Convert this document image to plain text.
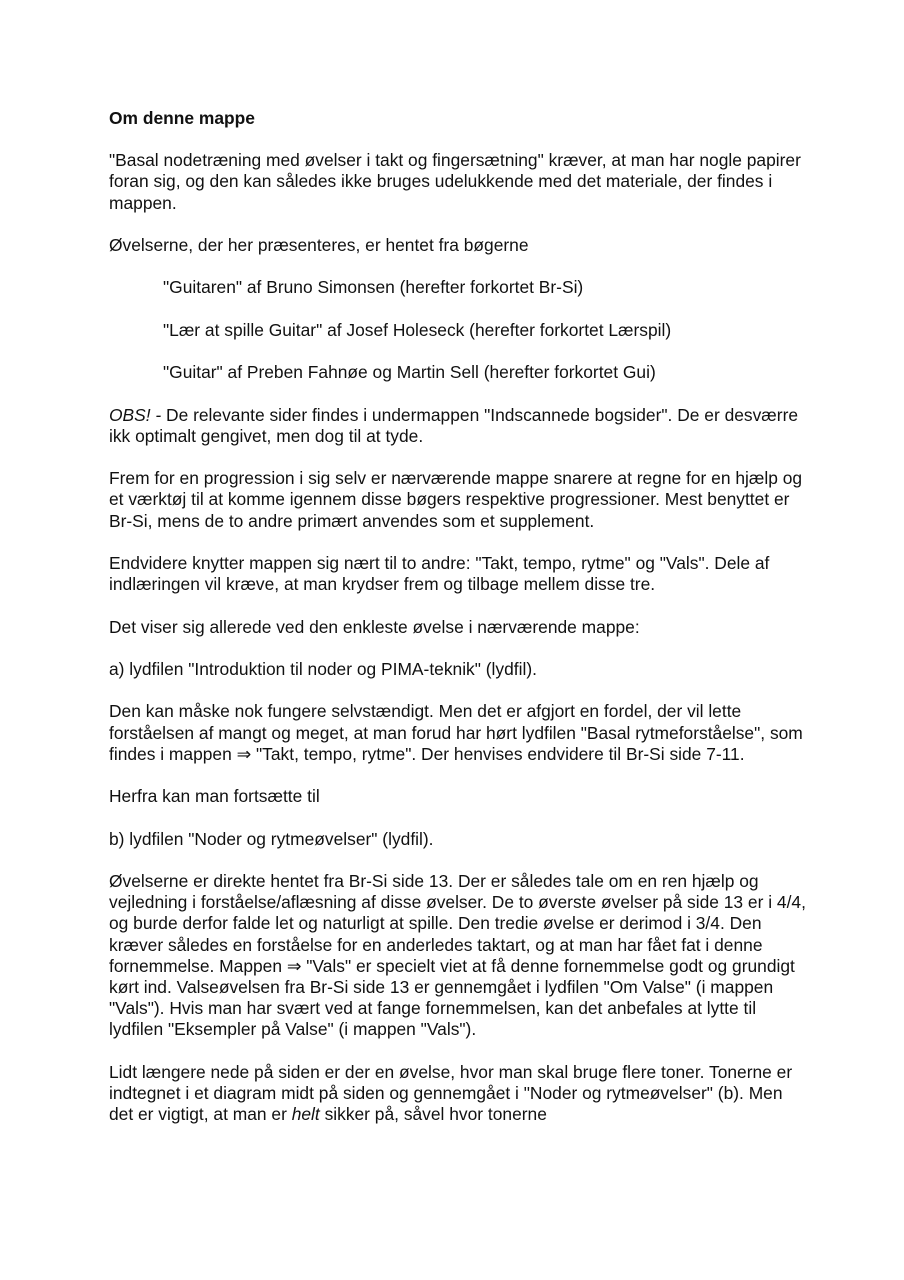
Om denne mappe

"Basal nodetræning med øvelser i takt og fingersætning" kræver, at man har nogle papirer foran sig, og den kan således ikke bruges udelukkende med det materiale, der findes i mappen.

Øvelserne, der her præsenteres, er hentet fra bøgerne

"Guitaren" af Bruno Simonsen (herefter forkortet Br-Si)

"Lær at spille Guitar" af Josef Holeseck (herefter forkortet Lærspil)

"Guitar" af Preben Fahnøe og Martin Sell (herefter forkortet Gui)

OBS! - De relevante sider findes i undermappen "Indscannede bogsider". De er desværre ikk optimalt gengivet, men dog til at tyde.

Frem for en progression i sig selv er nærværende mappe snarere at regne for en hjælp og et værktøj til at komme igennem disse bøgers respektive progressioner. Mest benyttet er Br-Si, mens de to andre primært anvendes som et supplement.

Endvidere knytter mappen sig nært til to andre: "Takt, tempo, rytme" og "Vals". Dele af indlæringen vil kræve, at man krydser frem og tilbage mellem disse tre.

Det viser sig allerede ved den enkleste øvelse i nærværende mappe:

a) lydfilen "Introduktion til noder og PIMA-teknik" (lydfil).

Den kan måske nok fungere selvstændigt. Men det er afgjort en fordel, der vil lette forståelsen af mangt og meget, at man forud har hørt lydfilen "Basal rytmeforståelse", som findes i mappen ⇒ "Takt, tempo, rytme". Der henvises endvidere til Br-Si side 7-11.

Herfra kan man fortsætte til

b) lydfilen "Noder og rytmeøvelser" (lydfil).

Øvelserne er direkte hentet fra Br-Si side 13. Der er således tale om en ren hjælp og vejledning i forståelse/aflæsning af disse øvelser. De to øverste øvelser på side 13 er i 4/4, og burde derfor falde let og naturligt at spille. Den tredie øvelse er derimod i 3/4. Den kræver således en forståelse for en anderledes taktart, og at man har fået fat i denne fornemmelse. Mappen ⇒ "Vals" er specielt viet at få denne fornemmelse godt og grundigt kørt ind. Valseøvelsen fra Br-Si side 13 er gennemgået i lydfilen "Om Valse" (i mappen "Vals"). Hvis man har svært ved at fange fornemmelsen, kan det anbefales at lytte til lydfilen "Eksempler på Valse" (i mappen "Vals").

Lidt længere nede på siden er der en øvelse, hvor man skal bruge flere toner. Tonerne er indtegnet i et diagram midt på siden og gennemgået i "Noder og rytmeøvelser" (b). Men det er vigtigt, at man er helt sikker på, såvel hvor tonerne
